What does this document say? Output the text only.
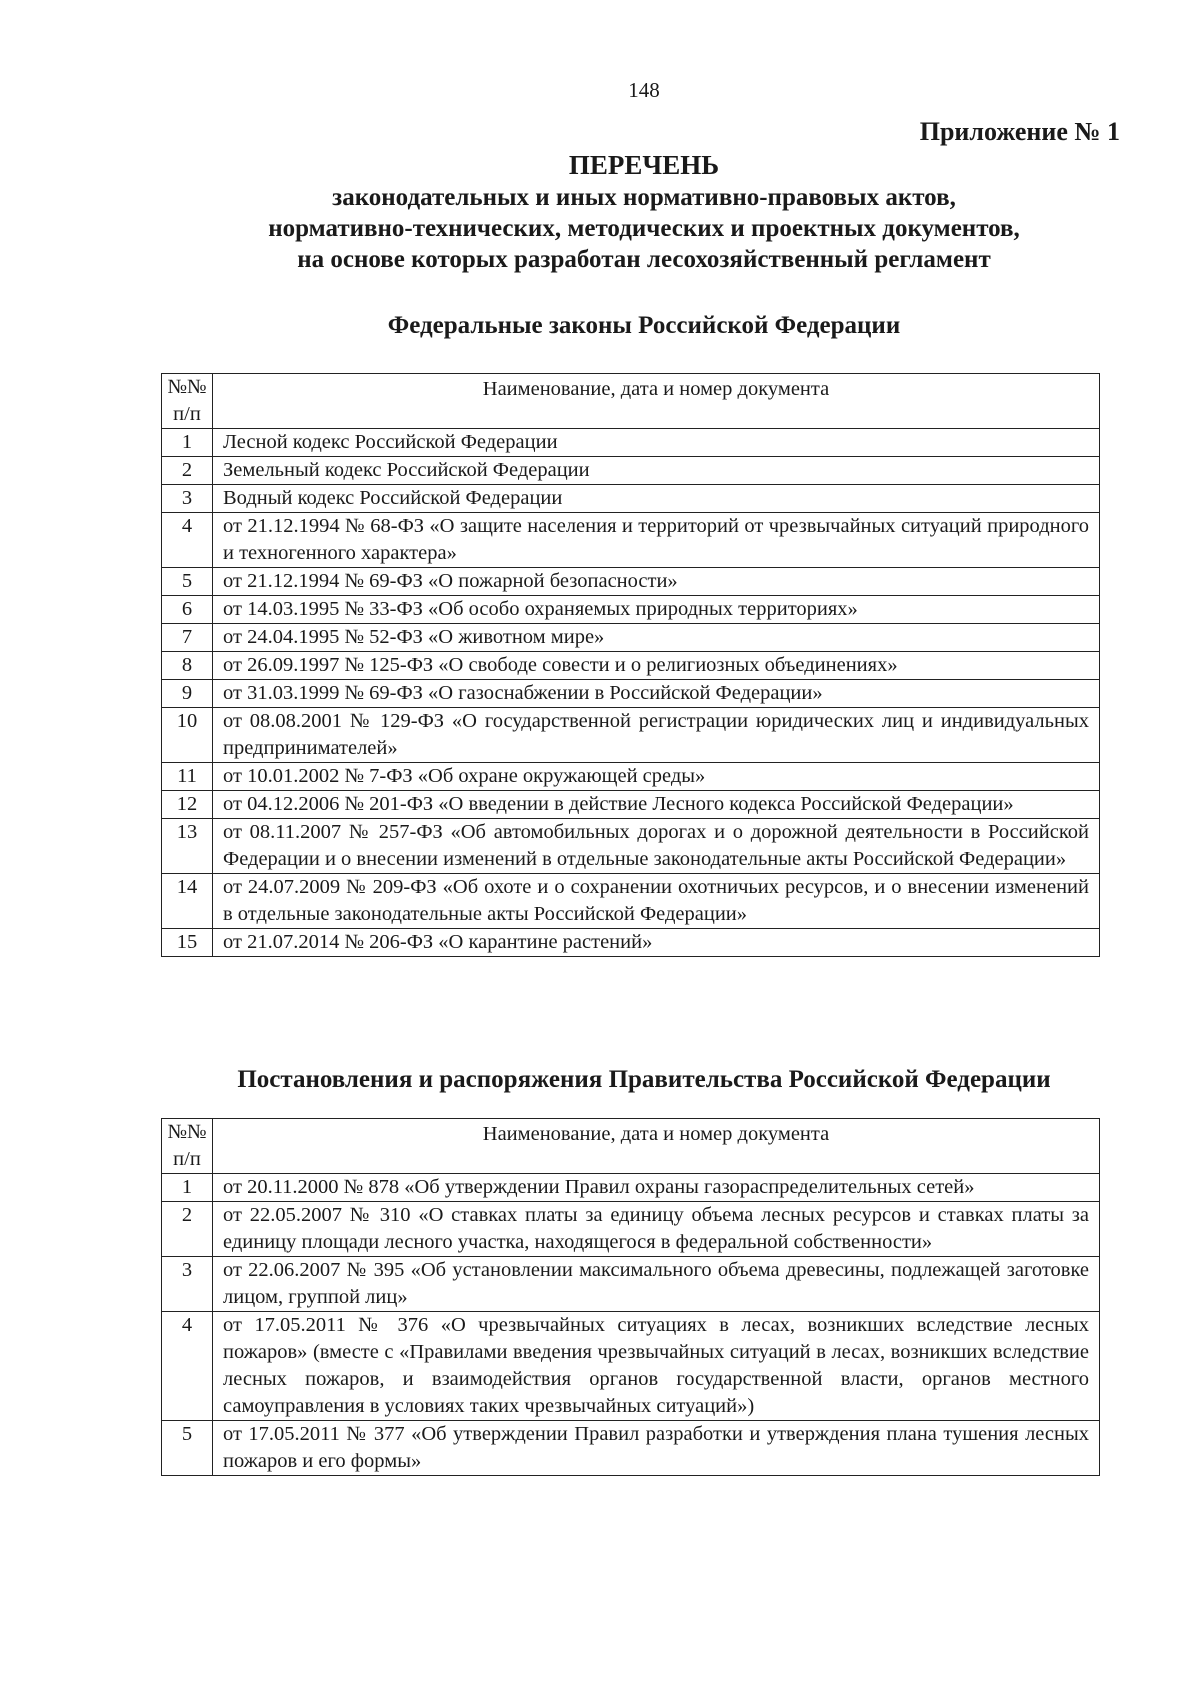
148
Приложение № 1
ПЕРЕЧЕНЬ
законодательных и иных нормативно-правовых актов,
нормативно-технических, методических и проектных документов,
на основе которых разработан лесохозяйственный регламент
Федеральные законы Российской Федерации
№№ п/п	Наименование, дата и номер документа
1	Лесной кодекс Российской Федерации
2	Земельный кодекс Российской Федерации
3	Водный кодекс Российской Федерации
4	от 21.12.1994 № 68-ФЗ «О защите населения и территорий от чрезвычайных ситуаций природного и техногенного характера»
5	от 21.12.1994 № 69-ФЗ «О пожарной безопасности»
6	от 14.03.1995 № 33-ФЗ «Об особо охраняемых природных территориях»
7	от 24.04.1995 № 52-ФЗ «О животном мире»
8	от 26.09.1997 № 125-ФЗ «О свободе совести и о религиозных объединениях»
9	от 31.03.1999 № 69-ФЗ «О газоснабжении в Российской Федерации»
10	от 08.08.2001 № 129-ФЗ «О государственной регистрации юридических лиц и индивидуальных предпринимателей»
11	от 10.01.2002 № 7-ФЗ «Об охране окружающей среды»
12	от 04.12.2006 № 201-ФЗ «О введении в действие Лесного кодекса Российской Федерации»
13	от 08.11.2007 № 257-ФЗ «Об автомобильных дорогах и о дорожной деятельности в Российской Федерации и о внесении изменений в отдельные законодательные акты Российской Федерации»
14	от 24.07.2009 № 209-ФЗ «Об охоте и о сохранении охотничьих ресурсов, и о внесении изменений в отдельные законодательные акты Российской Федерации»
15	от 21.07.2014 № 206-ФЗ «О карантине растений»
Постановления и распоряжения Правительства Российской Федерации
№№ п/п	Наименование, дата и номер документа
1	от 20.11.2000 № 878 «Об утверждении Правил охраны газораспределительных сетей»
2	от 22.05.2007 № 310 «О ставках платы за единицу объема лесных ресурсов и ставках платы за единицу площади лесного участка, находящегося в федеральной собственности»
3	от 22.06.2007 № 395 «Об установлении максимального объема древесины, подлежащей заготовке лицом, группой лиц»
4	от 17.05.2011 № 376 «О чрезвычайных ситуациях в лесах, возникших вследствие лесных пожаров» (вместе с «Правилами введения чрезвычайных ситуаций в лесах, возникших вследствие лесных пожаров, и взаимодействия органов государственной власти, органов местного самоуправления в условиях таких чрезвычайных ситуаций»)
5	от 17.05.2011 № 377 «Об утверждении Правил разработки и утверждения плана тушения лесных пожаров и его формы»
